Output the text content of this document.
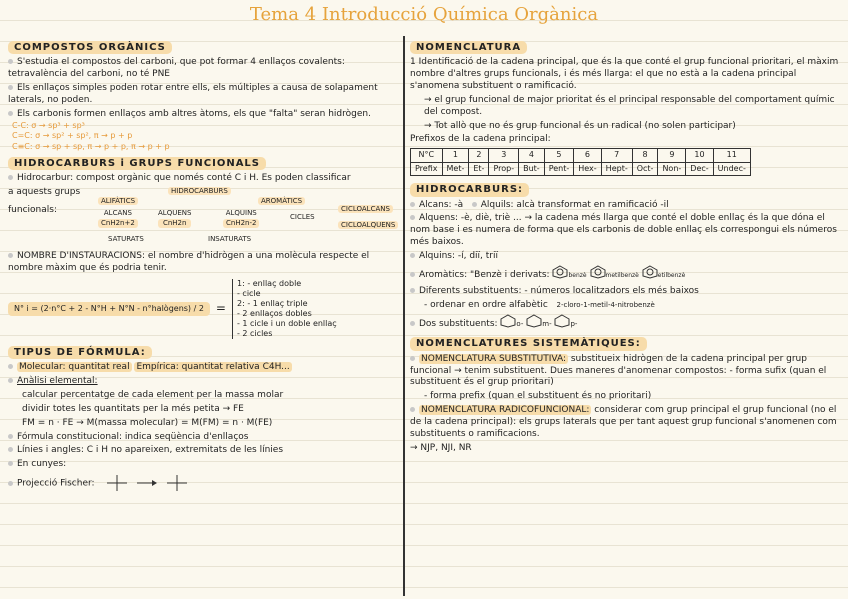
Tema 4 Introducció Química Orgànica
COMPOSTOS ORGÀNICS
S'estudia el compostos del carboni, que pot formar 4 enllaços covalents: tetravalència del carboni, no té PNE
Els enllaços simples poden rotar entre ells, els múltiples a causa de solapament laterals, no poden.
Els carbonis formen enllaços amb altres àtoms, els que "falta" seran hidrògen.
C-C: σ → sp³ + sp³
C=C: σ → sp² + sp², π → p + p
C≡C: σ → sp + sp, π → p + p, π → p + p
HIDROCARBURS i GRUPS FUNCIONALS
Hidrocarbur: compost orgànic que només conté C i H. Es poden classificar
a aquests grups
funcionals:
HIDROCARBURS
ALIFÀTICS	AROMÀTICS
ALCANS
CnH2n+2
ALQUENS
CnH2n
ALQUINS
CnH2n-2
CICLES
CICLOALCANS
CICLOALQUENS
SATURATS	INSATURATS
NOMBRE D'INSTAURACIONS: el nombre d'hidrògen a una molècula respecte el nombre màxim que és podria tenir.
N° i = (2·n°C + 2 - N°H + N°N - n°halògens) / 2	=
1: - enllaç doble
- cicle
2: - 1 enllaç triple
- 2 enllaços dobles
- 1 cicle i un doble enllaç
- 2 cicles
TIPUS DE FÓRMULA:
Molecular: quantitat real Empírica: quantitat relativa C4H...
Anàlisi elemental:
calcular percentatge de cada element per la massa molar
dividir totes les quantitats per la més petita → FE
FM = n · FE → M(massa molecular) = M(FM) = n · M(FE)
Fórmula constitucional: indica seqüència d'enllaços
Línies i angles: C i H no apareixen, extremitats de les línies
En cunyes:
Projecció Fischer:
NOMENCLATURA
1 Identificació de la cadena principal, que és la que conté el grup funcional prioritari, el màxim nombre d'altres grups funcionals, i és més llarga: el que no està a la cadena principal s'anomena substituent o ramificació.
→ el grup funcional de major prioritat és el principal responsable del comportament químic del compost.
→ Tot allò que no és grup funcional és un radical (no solen participar)
Prefixos de la cadena principal:
N°C	1	2	3	4	5	6	7	8	9	10	11
Prefix	Met-	Et-	Prop-	But-	Pent-	Hex-	Hept-	Oct-	Non-	Dec-	Undec-
HIDROCARBURS:
Alcans: -à Alquils: alcà transformat en ramificació -il
Alquens: -è, diè, triè ... → la cadena més llarga que conté el doble enllaç és la que dóna el nom base i es numera de forma que els carbonis de doble enllaç els correspongui els números més baixos.
Alquins: -í, diï, triï
Aromàtics: "Benzè i derivats:	benzè	metilbenzè	etilbenzè
Diferents substituents: - números localitzadors els més baixos
- ordenar en ordre alfabètic 2-cloro-1-metil-4-nitrobenzè
Dos substituents:	o-	m-	p-
NOMENCLATURES SISTEMÀTIQUES:
NOMENCLATURA SUBSTITUTIVA: substitueix hidrògen de la cadena principal per grup funcional → tenim substituent. Dues maneres d'anomenar compostos: - forma sufix (quan el substituent és el grup prioritari)
- forma prefix (quan el substituent és no prioritari)
NOMENCLATURA RADICOFUNCIONAL: considerar com grup principal el grup funcional (no el de la cadena principal): els grups laterals que per tant aquest grup funcional s'anomenen com substituents o ramificacions.
→ NJP, NJI, NR
